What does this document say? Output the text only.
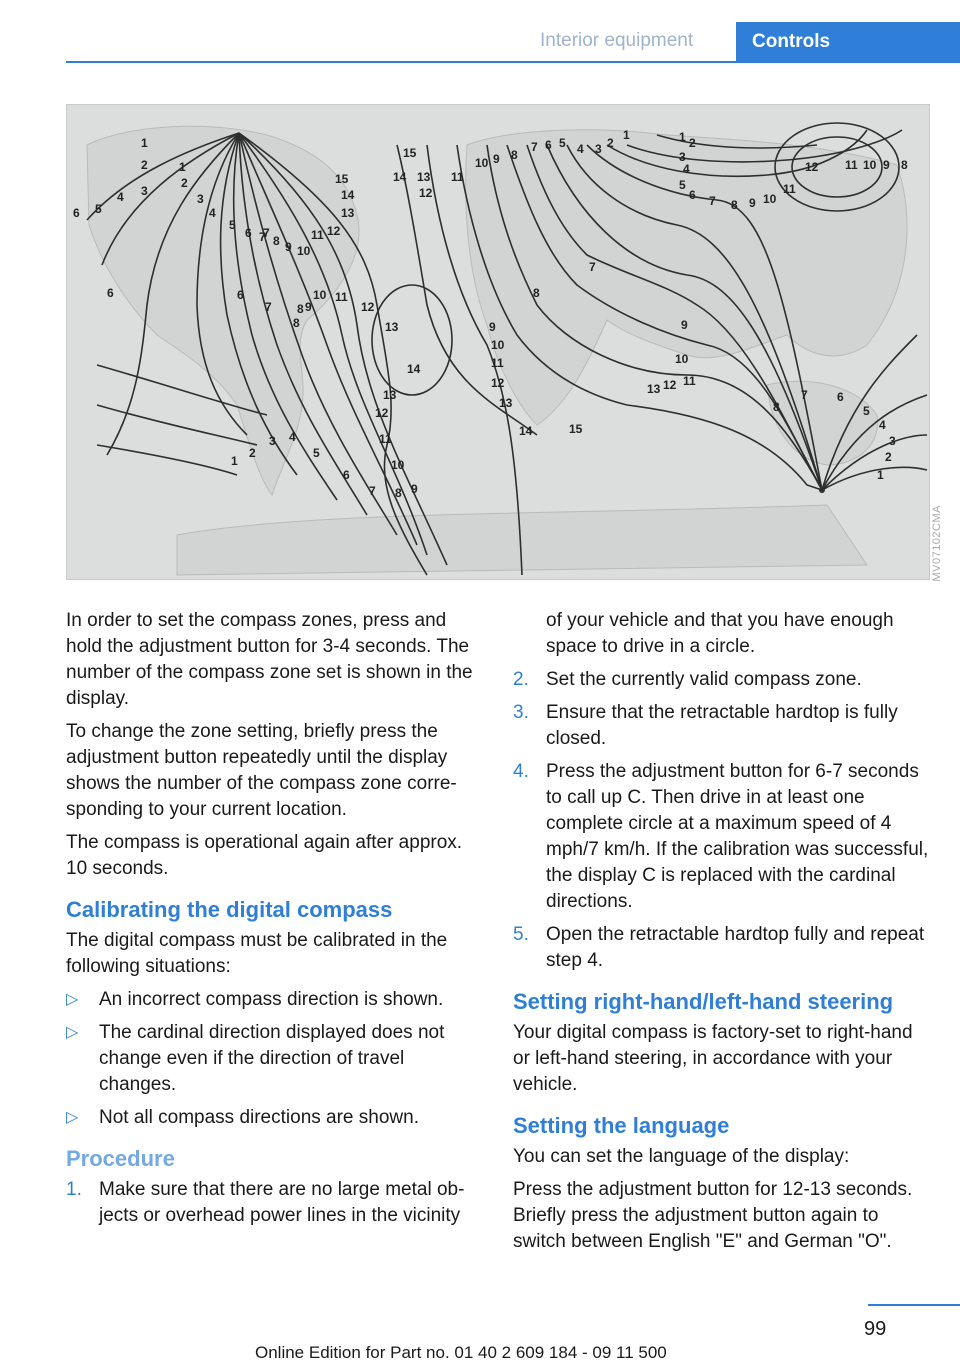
Interior equipment	Controls
1
2
3
4
5
6
7
8 9
10 11
12
13
14
15
1
2
3 4
5
6
7 8 9
10
11
12
13
14	15
13 12 11
10
9
8
7
8
7 6
5
4
3
2
1
2
3
4
5
6 7 8 9 10
11
12 11 10 9 8
8
7 6 5 4 3 2
1	1
10 9
11
12
13
14
15
14
13
12
11
10
9
8
7
6
5
4
3
2
1
6	6
7
8	9
10
11
12
13
MV07102CMA

In order to set the compass zones, press and hold the adjustment button for 3-4 seconds. The number of the compass zone set is shown in the display.

To change the zone setting, briefly press the adjustment button repeatedly until the display shows the number of the compass zone corresponding to your current location.

The compass is operational again after approx. 10 seconds.

Calibrating the digital compass

The digital compass must be calibrated in the following situations:

▷ An incorrect compass direction is shown.
▷ The cardinal direction displayed does not change even if the direction of travel changes.
▷ Not all compass directions are shown.
Procedure
1. Make sure that there are no large metal objects or overhead power lines in the vicinity
of your vehicle and that you have enough space to drive in a circle.
2. Set the currently valid compass zone.
3. Ensure that the retractable hardtop is fully closed.
4. Press the adjustment button for 6-7 seconds to call up C. Then drive in at least one complete circle at a maximum speed of 4 mph/7 km/h. If the calibration was successful, the display C is replaced with the cardinal directions.
5. Open the retractable hardtop fully and repeat step 4.
Setting right-hand/left-hand steering

Your digital compass is factory-set to right-hand or left-hand steering, in accordance with your vehicle.

Setting the language

You can set the language of the display:

Press the adjustment button for 12-13 seconds. Briefly press the adjustment button again to switch between English "E" and German "O".

99
Online Edition for Part no. 01 40 2 609 184 - 09 11 500
